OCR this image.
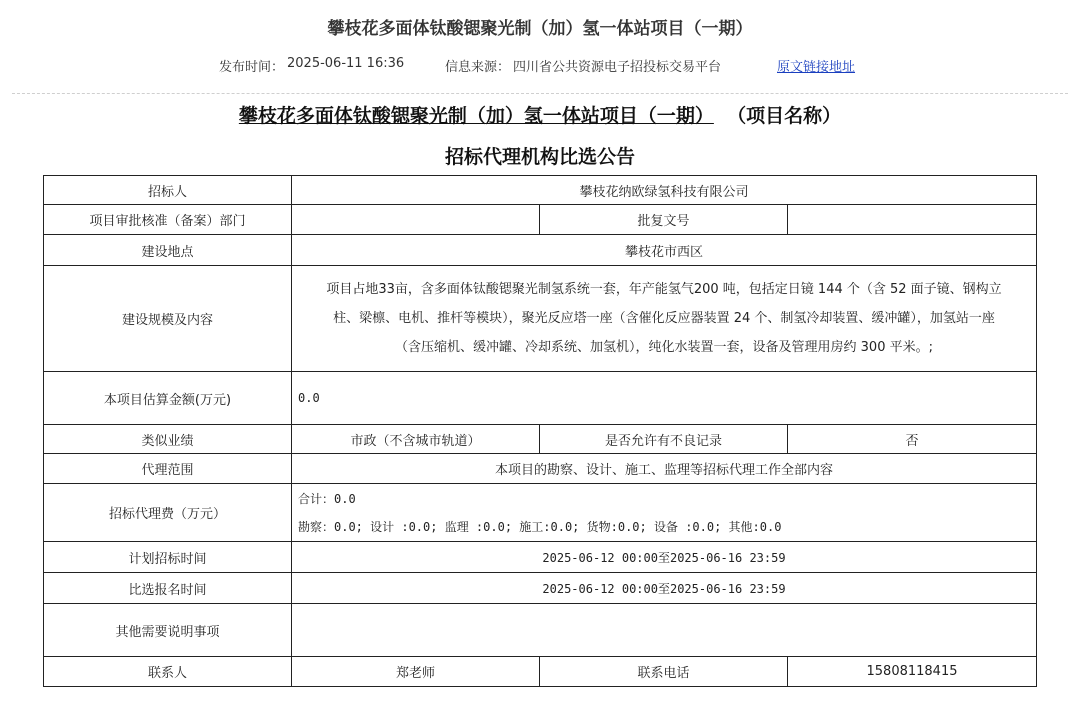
攀枝花多面体钛酸锶聚光制（加）氢一体站项目（一期）
发布时间： 2025-06-11 16:36	信息来源： 四川省公共资源电子招投标交易平台	原文链接地址
攀枝花多面体钛酸锶聚光制（加）氢一体站项目（一期） （项目名称）
招标代理机构比选公告
招标人	攀枝花纳欧绿氢科技有限公司		
项目审批核准（备案）部门		批复文号	
建设地点	攀枝花市西区		
建设规模及内容	项目占地33亩，含多面体钛酸锶聚光制氢系统一套，年产能氢气200 吨，包括定日镜 144 个（含 52 面子镜、钢构立
柱、梁檩、电机、推杆等模块），聚光反应塔一座（含催化反应器装置 24 个、制氢冷却装置、缓冲罐），加氢站一座
（含压缩机、缓冲罐、冷却系统、加氢机），纯化水装置一套，设备及管理用房约 300 平米。;		
本项目估算金额(万元)	0.0		
类似业绩	市政（不含城市轨道）	是否允许有不良记录	否
代理范围	本项目的勘察、设计、施工、监理等招标代理工作全部内容		
招标代理费（万元）	合计：0.0
勘察：0.0; 设计 :0.0; 监理 :0.0; 施工:0.0; 货物:0.0; 设备 :0.0; 其他:0.0		

计划招标时间	2025-06-12 00:00至2025-06-16 23:59		
比选报名时间	2025-06-12 00:00至2025-06-16 23:59		
其他需要说明事项			
联系人	郑老师	联系电话	15808118415
